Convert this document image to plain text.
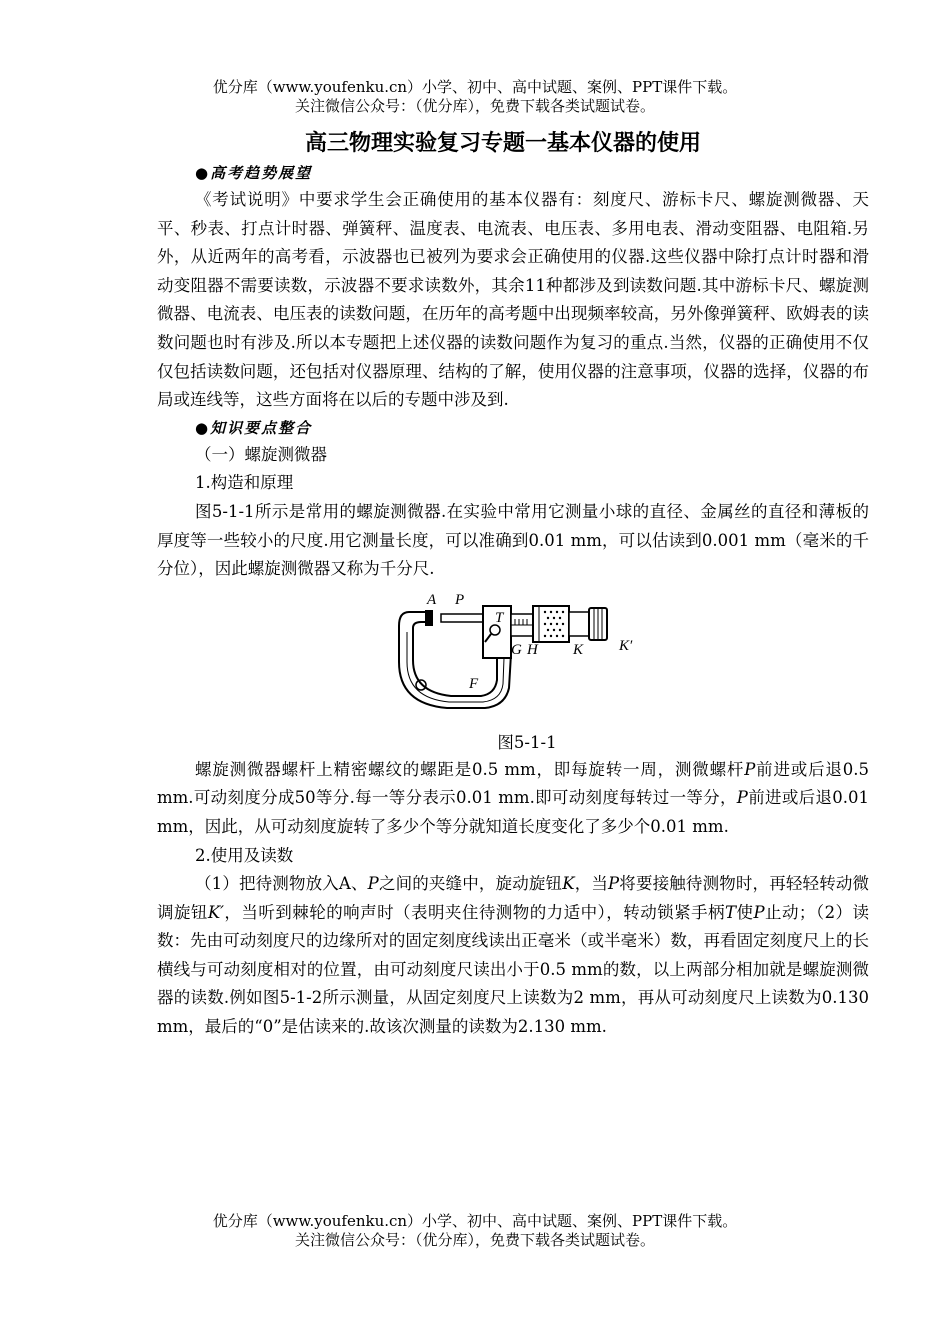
优分库（www.youfenku.cn）小学、初中、高中试题、案例、PPT课件下载。
关注微信公众号：（优分库），免费下载各类试题试卷。
高三物理实验复习专题一基本仪器的使用
●高考趋势展望

《考试说明》中要求学生会正确使用的基本仪器有：刻度尺、游标卡尺、螺旋测微器、天平、秒表、打点计时器、弹簧秤、温度表、电流表、电压表、多用电表、滑动变阻器、电阻箱.另外，从近两年的高考看，示波器也已被列为要求会正确使用的仪器.这些仪器中除打点计时器和滑动变阻器不需要读数，示波器不要求读数外，其余11种都涉及到读数问题.其中游标卡尺、螺旋测微器、电流表、电压表的读数问题，在历年的高考题中出现频率较高，另外像弹簧秤、欧姆表的读数问题也时有涉及.所以本专题把上述仪器的读数问题作为复习的重点.当然，仪器的正确使用不仅仅包括读数问题，还包括对仪器原理、结构的了解，使用仪器的注意事项，仪器的选择，仪器的布局或连线等，这些方面将在以后的专题中涉及到.

●知识要点整合
（一）螺旋测微器
1.构造和原理

图5-1-1所示是常用的螺旋测微器.在实验中常用它测量小球的直径、金属丝的直径和薄板的厚度等一些较小的尺度.用它测量长度，可以准确到0.01 mm，可以估读到0.001 mm（毫米的千分位），因此螺旋测微器又称为千分尺.

A P
T
G H K K′
F
图5-1-1

螺旋测微器螺杆上精密螺纹的螺距是0.5 mm，即每旋转一周，测微螺杆P前进或后退0.5 mm.可动刻度分成50等分.每一等分表示0.01 mm.即可动刻度每转过一等分，P前进或后退0.01 mm，因此，从可动刻度旋转了多少个等分就知道长度变化了多少个0.01 mm.

2.使用及读数

（1）把待测物放入A、P之间的夹缝中，旋动旋钮K，当P将要接触待测物时，再轻轻转动微调旋钮K′，当听到棘轮的响声时（表明夹住待测物的力适中），转动锁紧手柄T使P止动；（2）读数：先由可动刻度尺的边缘所对的固定刻度线读出正毫米（或半毫米）数，再看固定刻度尺上的长横线与可动刻度相对的位置，由可动刻度尺读出小于0.5 mm的数，以上两部分相加就是螺旋测微器的读数.例如图5-1-2所示测量，从固定刻度尺上读数为2 mm，再从可动刻度尺上读数为0.130 mm，最后的“0”是估读来的.故该次测量的读数为2.130 mm.

优分库（www.youfenku.cn）小学、初中、高中试题、案例、PPT课件下载。
关注微信公众号：（优分库），免费下载各类试题试卷。
